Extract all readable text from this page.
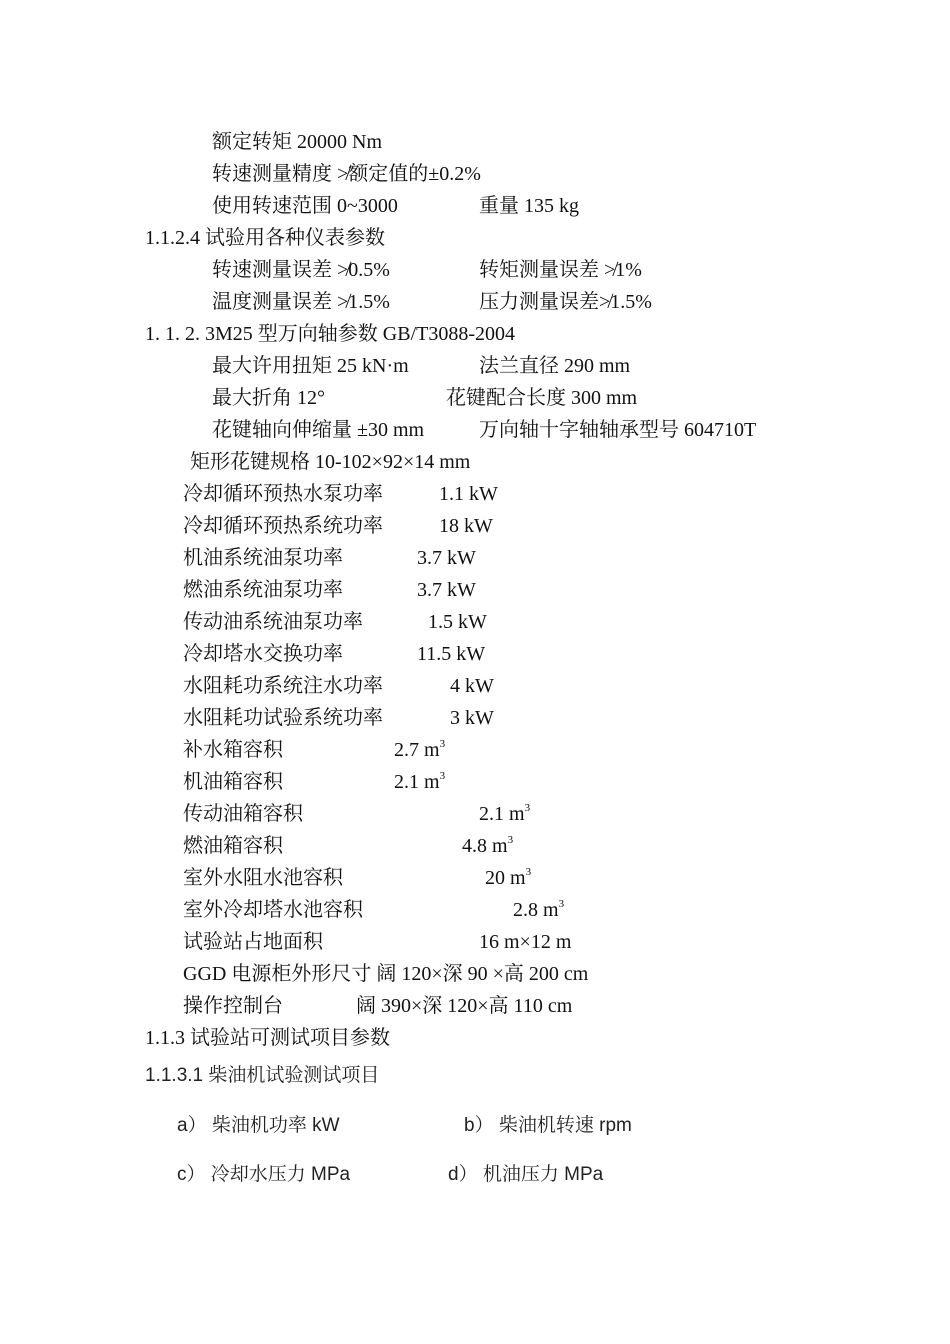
额定转矩 20000 Nm
转速测量精度 ≯额定值的±0.2%
使用转速范围 0~3000	重量 135 kg
1.1.2.4 试验用各种仪表参数
转速测量误差 ≯0.5%	转矩测量误差 ≯1%
温度测量误差 ≯1.5%	压力测量误差≯1.5%
1. 1. 2. 3M25 型万向轴参数 GB/T3088-2004
最大许用扭矩 25 kN·m	法兰直径 290 mm
最大折角 12°	花键配合长度 300 mm
花键轴向伸缩量 ±30 mm	万向轴十字轴轴承型号 604710T
矩形花键规格 10-102×92×14 mm
冷却循环预热水泵功率	1.1 kW
冷却循环预热系统功率	18 kW
机油系统油泵功率	3.7 kW
燃油系统油泵功率	3.7 kW
传动油系统油泵功率	1.5 kW
冷却塔水交换功率	11.5 kW
水阻耗功系统注水功率	4 kW
水阻耗功试验系统功率	3 kW
补水箱容积	2.7 $m^3$
机油箱容积	2.1 $m^3$
传动油箱容积	2.1 $m^3$
燃油箱容积	4.8 $m^3$
室外水阻水池容积	20 $m^3$
室外冷却塔水池容积	2.8 $m^3$
试验站占地面积	16 m×12 m
GGD 电源柜外形尺寸 阔 120×深 90 ×高 200 cm
操作控制台	阔 390×深 120×高 110 cm
1.1.3 试验站可测试项目参数
1.1.3.1 柴油机试验测试项目
a） 柴油机功率 kW	b） 柴油机转速 rpm
c） 冷却水压力 MPa	d） 机油压力 MPa
